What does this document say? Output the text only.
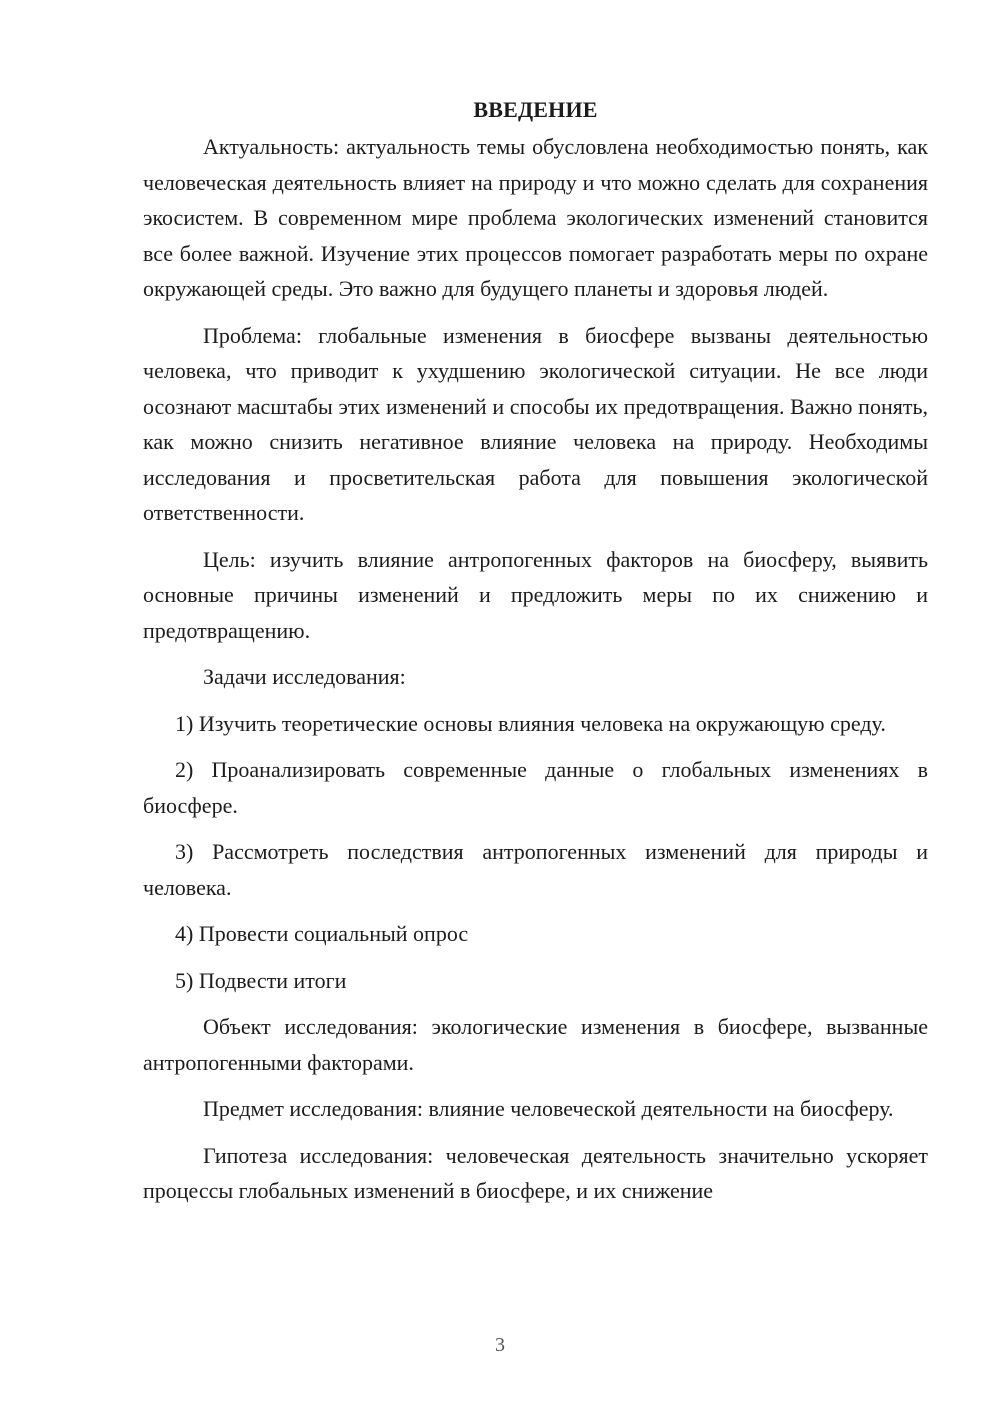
ВВЕДЕНИЕ

Актуальность: актуальность темы обусловлена необходимостью понять, как человеческая деятельность влияет на природу и что можно сделать для сохранения экосистем. В современном мире проблема экологических изменений становится все более важной. Изучение этих процессов помогает разработать меры по охране окружающей среды. Это важно для будущего планеты и здоровья людей.

Проблема: глобальные изменения в биосфере вызваны деятельностью человека, что приводит к ухудшению экологической ситуации. Не все люди осознают масштабы этих изменений и способы их предотвращения. Важно понять, как можно снизить негативное влияние человека на природу. Необходимы исследования и просветительская работа для повышения экологической ответственности.

Цель: изучить влияние антропогенных факторов на биосферу, выявить основные причины изменений и предложить меры по их снижению и предотвращению.

Задачи исследования:

1) Изучить теоретические основы влияния человека на окружающую среду.

2) Проанализировать современные данные о глобальных изменениях в биосфере.

3) Рассмотреть последствия антропогенных изменений для природы и человека.

4) Провести социальный опрос

5) Подвести итоги

Объект исследования: экологические изменения в биосфере, вызванные антропогенными факторами.

Предмет исследования: влияние человеческой деятельности на биосферу.

Гипотеза исследования: человеческая деятельность значительно ускоряет процессы глобальных изменений в биосфере, и их снижение

3
